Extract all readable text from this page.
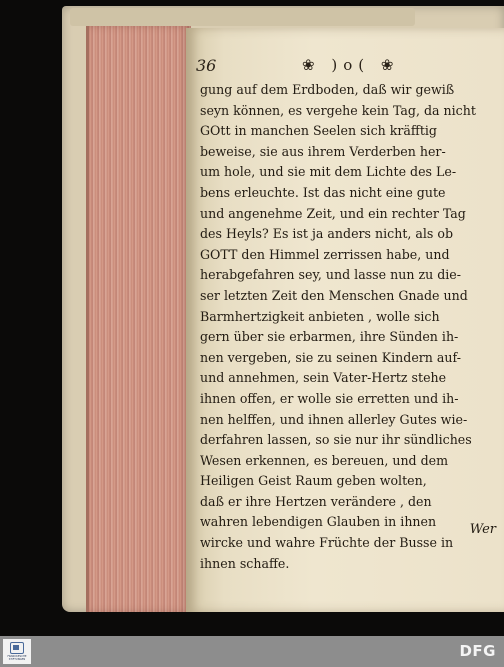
36	❀ )o( ❀
gung auf dem Erdboden, daß wir gewiß
seyn können, es vergehe kein Tag, da nicht
GOtt in manchen Seelen sich kräfftig
beweise, sie aus ihrem Verderben her-
um hole, und sie mit dem Lichte des Le-
bens erleuchte. Ist das nicht eine gute
und angenehme Zeit, und ein rechter Tag
des Heyls? Es ist ja anders nicht, als ob
GOTT den Himmel zerrissen habe, und
herabgefahren sey, und lasse nun zu die-
ser letzten Zeit den Menschen Gnade und
Barmhertzigkeit anbieten , wolle sich
gern über sie erbarmen, ihre Sünden ih-
nen vergeben, sie zu seinen Kindern auf-
und annehmen, sein Vater-Hertz stehe
ihnen offen, er wolle sie erretten und ih-
nen helffen, und ihnen allerley Gutes wie-
derfahren lassen, so sie nur ihr sündliches
Wesen erkennen, es bereuen, und dem
Heiligen Geist Raum geben wolten,
daß er ihre Hertzen verändere , den
wahren lebendigen Glauben in ihnen
wircke und wahre Früchte der Busse in
ihnen schaffe.
Wer
FRANCKESCHE STIFTUNGEN	DFG
